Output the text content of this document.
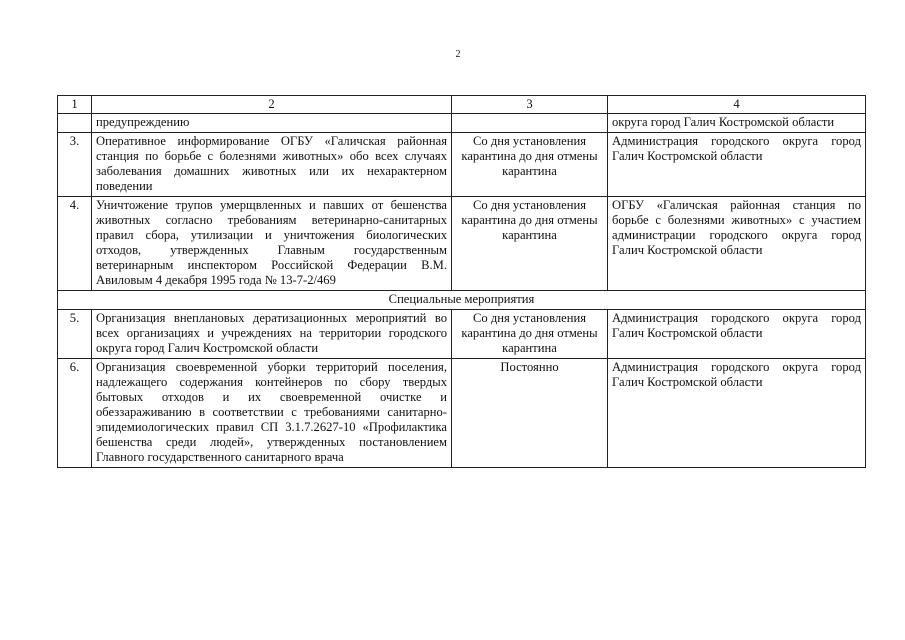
2
1	2	3	4
	предупреждению		округа город Галич Костромской области
3.	Оперативное информирование ОГБУ «Галичская районная станция по борьбе с болезнями животных» обо всех случаях заболевания домашних животных или их нехарактерном поведении	Со дня установления карантина до дня отмены карантина	Администрация городского округа город Галич Костромской области
4.	Уничтожение трупов умерщвленных и павших от бешенства животных согласно требованиям ветеринарно-санитарных правил сбора, утилизации и уничтожения биологических отходов, утвержденных Главным государственным ветеринарным инспектором Российской Федерации В.М. Авиловым 4 декабря 1995 года № 13-7-2/469	Со дня установления карантина до дня отмены карантина	ОГБУ «Галичская районная станция по борьбе с болезнями животных» с участием администрации городского округа город Галич Костромской области
Специальные мероприятия			
5.	Организация внеплановых дератизационных мероприятий во всех организациях и учреждениях на территории городского округа город Галич Костромской области	Со дня установления карантина до дня отмены карантина	Администрация городского округа город Галич Костромской области
6.	Организация своевременной уборки территорий поселения, надлежащего содержания контейнеров по сбору твердых бытовых отходов и их своевременной очистке и обеззараживанию в соответствии с требованиями санитарно-эпидемиологических правил СП 3.1.7.2627-10 «Профилактика бешенства среди людей», утвержденных постановлением Главного государственного санитарного врача	Постоянно	Администрация городского округа город Галич Костромской области
